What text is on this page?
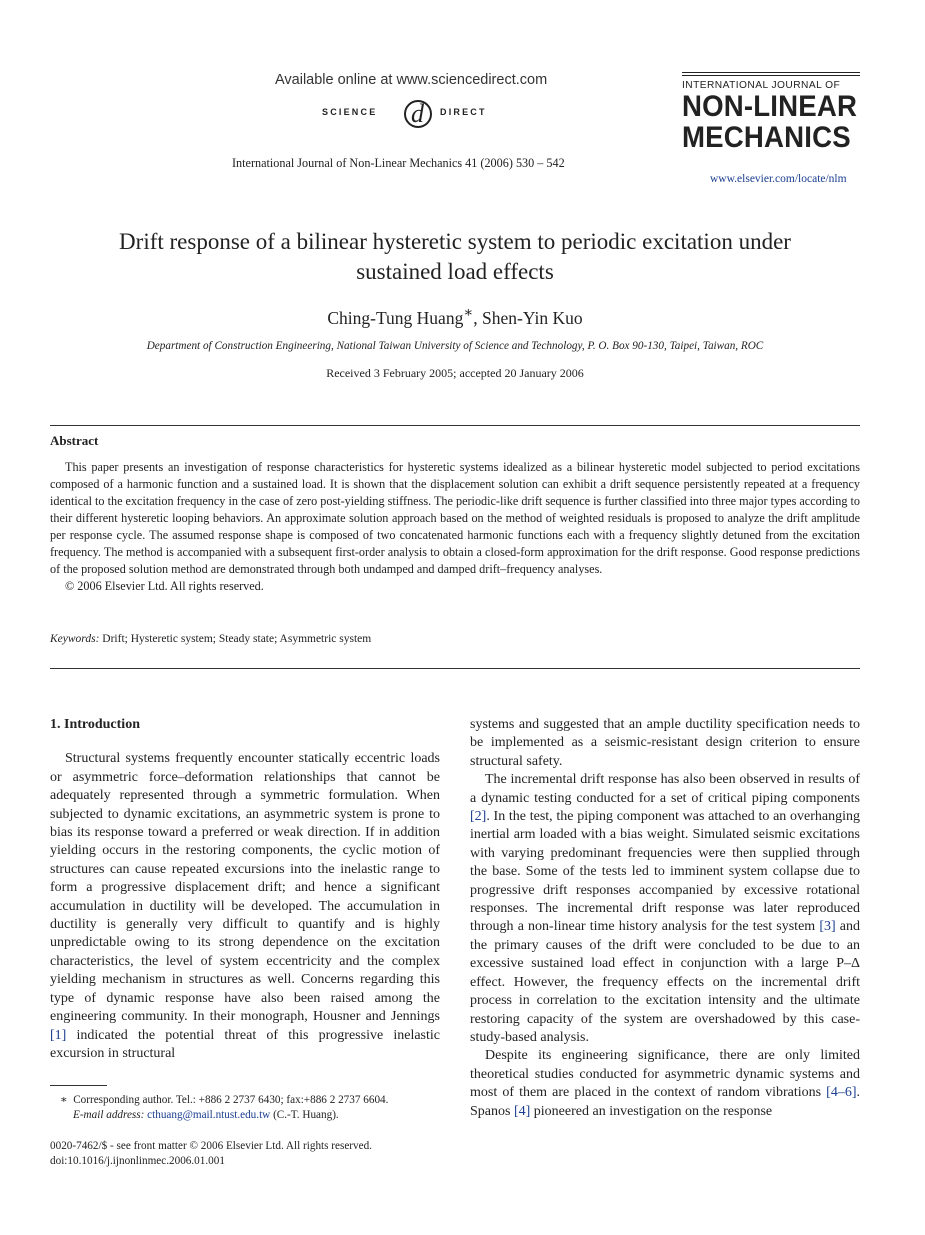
Available online at www.sciencedirect.com
SCIENCE d DIRECT
International Journal of Non-Linear Mechanics 41 (2006) 530 – 542
INTERNATIONAL JOURNAL OF
NON-LINEAR
MECHANICS
www.elsevier.com/locate/nlm
Drift response of a bilinear hysteretic system to periodic excitation under
sustained load effects
Ching-Tung Huang∗, Shen-Yin Kuo
Department of Construction Engineering, National Taiwan University of Science and Technology, P. O. Box 90-130, Taipei, Taiwan, ROC
Received 3 February 2005; accepted 20 January 2006
Abstract

This paper presents an investigation of response characteristics for hysteretic systems idealized as a bilinear hysteretic model subjected to period excitations composed of a harmonic function and a sustained load. It is shown that the displacement solution can exhibit a drift sequence persistently repeated at a frequency identical to the excitation frequency in the case of zero post-yielding stiffness. The periodic-like drift sequence is further classified into three major types according to their different hysteretic looping behaviors. An approximate solution approach based on the method of weighted residuals is proposed to analyze the drift amplitude per response cycle. The assumed response shape is composed of two concatenated harmonic functions each with a frequency slightly detuned from the excitation frequency. The method is accompanied with a subsequent first-order analysis to obtain a closed-form approximation for the drift response. Good response predictions of the proposed solution method are demonstrated through both undamped and damped drift–frequency analyses.

© 2006 Elsevier Ltd. All rights reserved.

Keywords: Drift; Hysteretic system; Steady state; Asymmetric system
1. Introduction

Structural systems frequently encounter statically eccentric loads or asymmetric force–deformation relationships that cannot be adequately represented through a symmetric formulation. When subjected to dynamic excitations, an asymmetric system is prone to bias its response toward a preferred or weak direction. If in addition yielding occurs in the restoring components, the cyclic motion of structures can cause repeated excursions into the inelastic range to form a progressive displacement drift; and hence a significant accumulation in ductility will be developed. The accumulation in ductility is generally very difficult to quantify and is highly unpredictable owing to its strong dependence on the excitation characteristics, the level of system eccentricity and the complex yielding mechanism in structures as well. Concerns regarding this type of dynamic response have also been raised among the engineering community. In their monograph, Housner and Jennings [1] indicated the potential threat of this progressive inelastic excursion in structural

systems and suggested that an ample ductility specification needs to be implemented as a seismic-resistant design criterion to ensure structural safety.

The incremental drift response has also been observed in results of a dynamic testing conducted for a set of critical piping components [2]. In the test, the piping component was attached to an overhanging inertial arm loaded with a bias weight. Simulated seismic excitations with varying predominant frequencies were then supplied through the base. Some of the tests led to imminent system collapse due to progressive drift responses accompanied by excessive rotational responses. The incremental drift response was later reproduced through a non-linear time history analysis for the test system [3] and the primary causes of the drift were concluded to be due to an excessive sustained load effect in conjunction with a large P–Δ effect. However, the frequency effects on the incremental drift process in correlation to the excitation intensity and the ultimate restoring capacity of the system are overshadowed by this case-study-based analysis.

Despite its engineering significance, there are only limited theoretical studies conducted for asymmetric dynamic systems and most of them are placed in the context of random vibrations [4–6]. Spanos [4] pioneered an investigation on the response

∗ Corresponding author. Tel.: +886 2 2737 6430; fax:+886 2 2737 6604.
E-mail address: cthuang@mail.ntust.edu.tw (C.-T. Huang).
0020-7462/$ - see front matter © 2006 Elsevier Ltd. All rights reserved.
doi:10.1016/j.ijnonlinmec.2006.01.001
